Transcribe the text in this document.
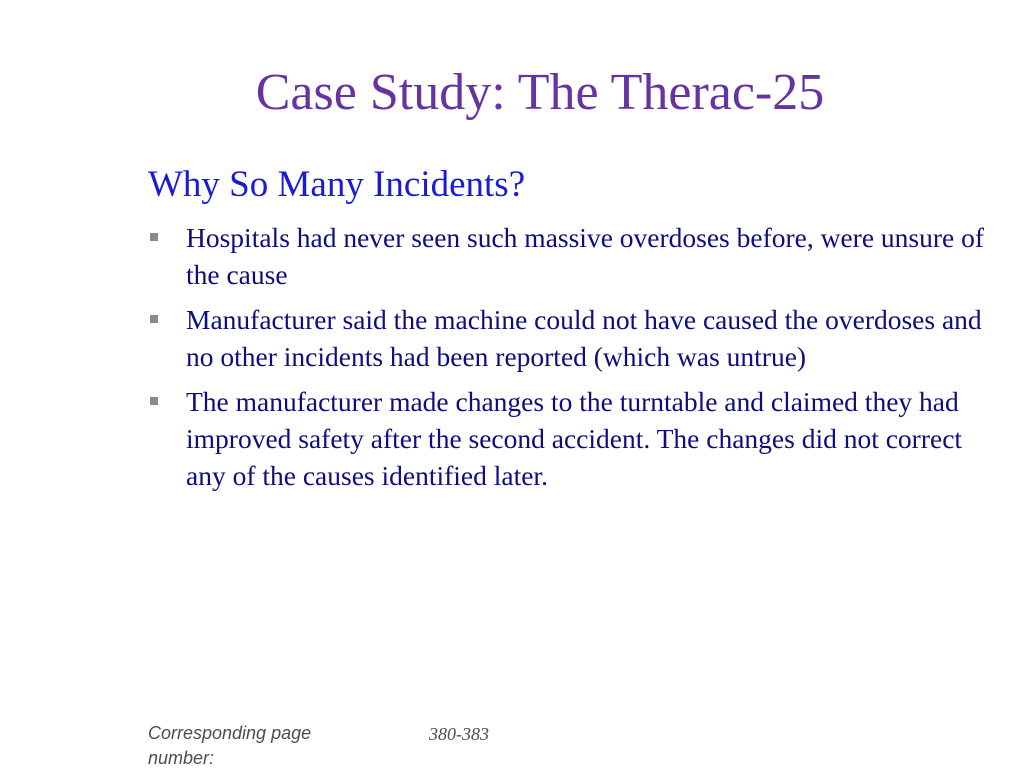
Case Study: The Therac-25
Why So Many Incidents?
Hospitals had never seen such massive overdoses before, were unsure of the cause
Manufacturer said the machine could not have caused the overdoses and no other incidents had been reported (which was untrue)
The manufacturer made changes to the turntable and claimed they had improved safety after the second accident. The changes did not correct any of the causes identified later.
Corresponding page number:
380-383
